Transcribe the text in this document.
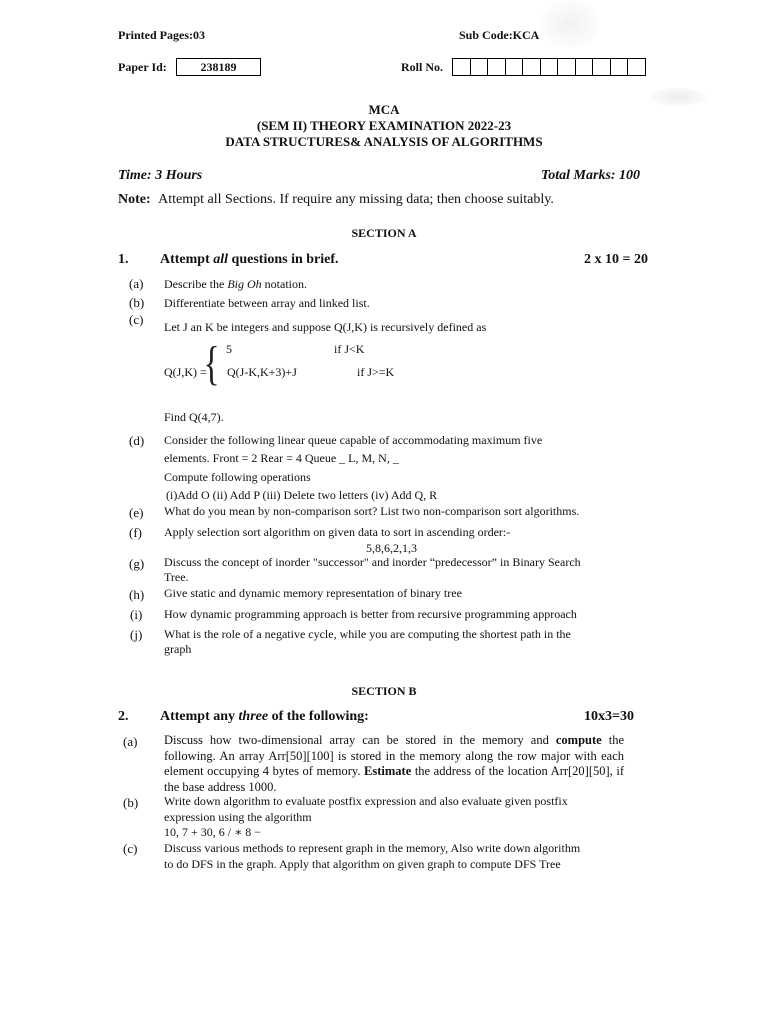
Printed Pages:03	Sub Code:KCA
Paper Id:	238189	Roll No.
MCA
(SEM II) THEORY EXAMINATION 2022-23
DATA STRUCTURES& ANALYSIS OF ALGORITHMS
Time: 3 Hours	Total Marks: 100
Note: Attempt all Sections. If require any missing data; then choose suitably.
SECTION A
1. Attempt all questions in brief.	2 x 10 = 20
(a) Describe the Big Oh notation.
(b) Differentiate between array and linked list.
(c) Let J an K be integers and suppose Q(J,K) is recursively defined as
5	if J<K
Q(J,K) =
{ Q(J-K,K+3)+J	if J>=K
Find Q(4,7).
(d) Consider the following linear queue capable of accommodating maximum five
elements. Front = 2 Rear = 4 Queue _ L, M, N, _
Compute following operations
(i)Add O (ii) Add P (iii) Delete two letters (iv) Add Q, R
(e) What do you mean by non-comparison sort? List two non-comparison sort algorithms.
(f) Apply selection sort algorithm on given data to sort in ascending order:-
5,8,6,2,1,3
(g) Discuss the concept of inorder "successor" and inorder “predecessor” in Binary Search
Tree.
(h) Give static and dynamic memory representation of binary tree
(i) How dynamic programming approach is better from recursive programming approach
(j) What is the role of a negative cycle, while you are computing the shortest path in the
graph
SECTION B
2. Attempt any three of the following:	10x3=30
(a) Discuss how two-dimensional array can be stored in the memory and compute the following. An array Arr[50][100] is stored in the memory along the row major with each element occupying 4 bytes of memory. Estimate the address of the location Arr[20][50], if the base address 1000.
(b) Write down algorithm to evaluate postfix expression and also evaluate given postfix
expression using the algorithm
10, 7 + 30, 6 / ∗ 8 −
(c) Discuss various methods to represent graph in the memory, Also write down algorithm
to do DFS in the graph. Apply that algorithm on given graph to compute DFS Tree
